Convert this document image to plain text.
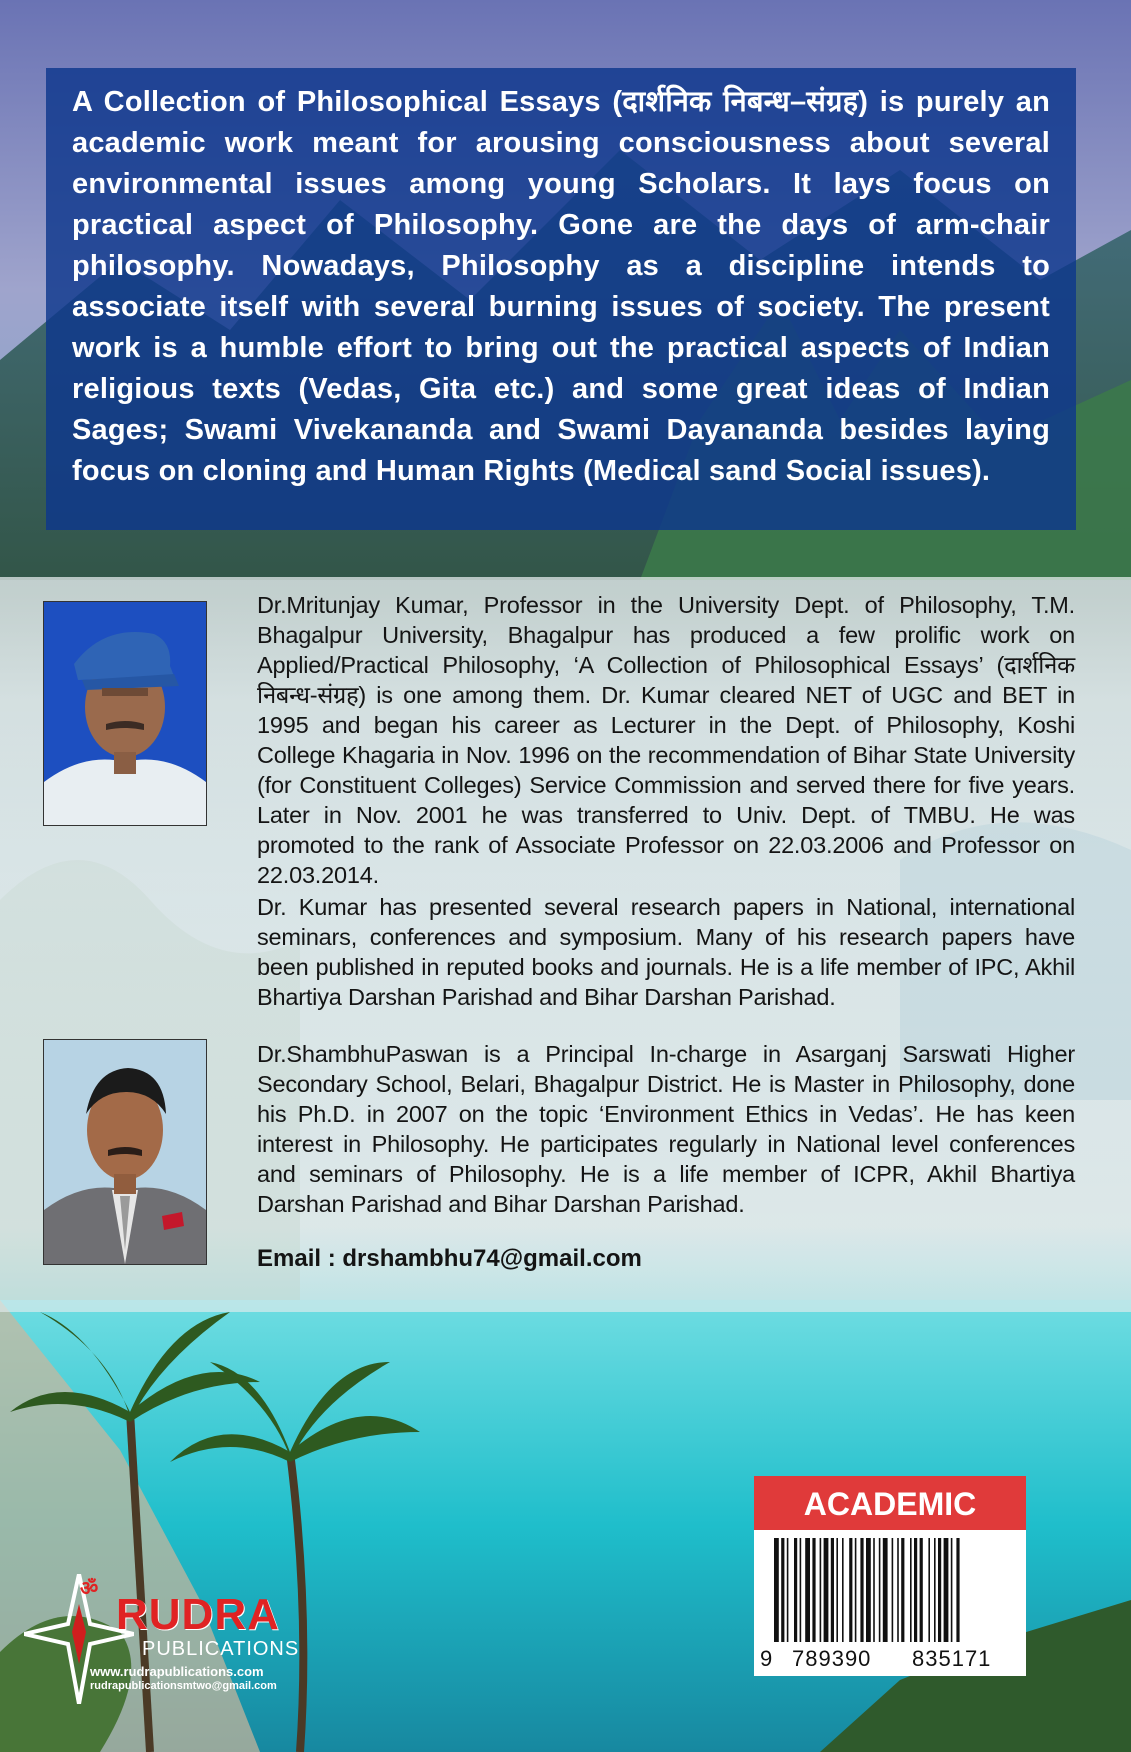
A Collection of Philosophical Essays (दार्शनिक निबन्ध–संग्रह) is purely an academic work meant for arousing consciousness about several environmental issues among young Scholars. It lays focus on practical aspect of Philosophy. Gone are the days of arm-chair philosophy. Nowadays, Philosophy as a discipline intends to associate itself with several burning issues of society. The present work is a humble effort to bring out the practical aspects of Indian religious texts (Vedas, Gita etc.) and some great ideas of Indian Sages; Swami Vivekananda and Swami Dayananda besides laying focus on cloning and Human Rights (Medical sand Social issues).

Dr.Mritunjay Kumar, Professor in the University Dept. of Philosophy, T.M. Bhagalpur University, Bhagalpur has produced a few prolific work on Applied/Practical Philosophy, ‘A Collection of Philosophical Essays’ (दार्शनिक निबन्ध-संग्रह) is one among them. Dr. Kumar cleared NET of UGC and BET in 1995 and began his career as Lecturer in the Dept. of Philosophy, Koshi College Khagaria in Nov. 1996 on the recommendation of Bihar State University (for Constituent Colleges) Service Commission and served there for five years. Later in Nov. 2001 he was transferred to Univ. Dept. of TMBU. He was promoted to the rank of Associate Professor on 22.03.2006 and Professor on 22.03.2014.

Dr. Kumar has presented several research papers in National, international seminars, conferences and symposium. Many of his research papers have been published in reputed books and journals. He is a life member of IPC, Akhil Bhartiya Darshan Parishad and Bihar Darshan Parishad.

Dr.ShambhuPaswan is a Principal In-charge in Asarganj Sarswati Higher Secondary School, Belari, Bhagalpur District. He is Master in Philosophy, done his Ph.D. in 2007 on the topic ‘Environment Ethics in Vedas’. He has keen interest in Philosophy. He participates regularly in National level conferences and seminars of Philosophy. He is a life member of ICPR, Akhil Bhartiya Darshan Parishad and Bihar Darshan Parishad.

Email : drshambhu74@gmail.com
ACADEMIC
9 789390 835171
ॐ
RUDRA
PUBLICATIONS
www.rudrapublications.com
rudrapublicationsmtwo@gmail.com
